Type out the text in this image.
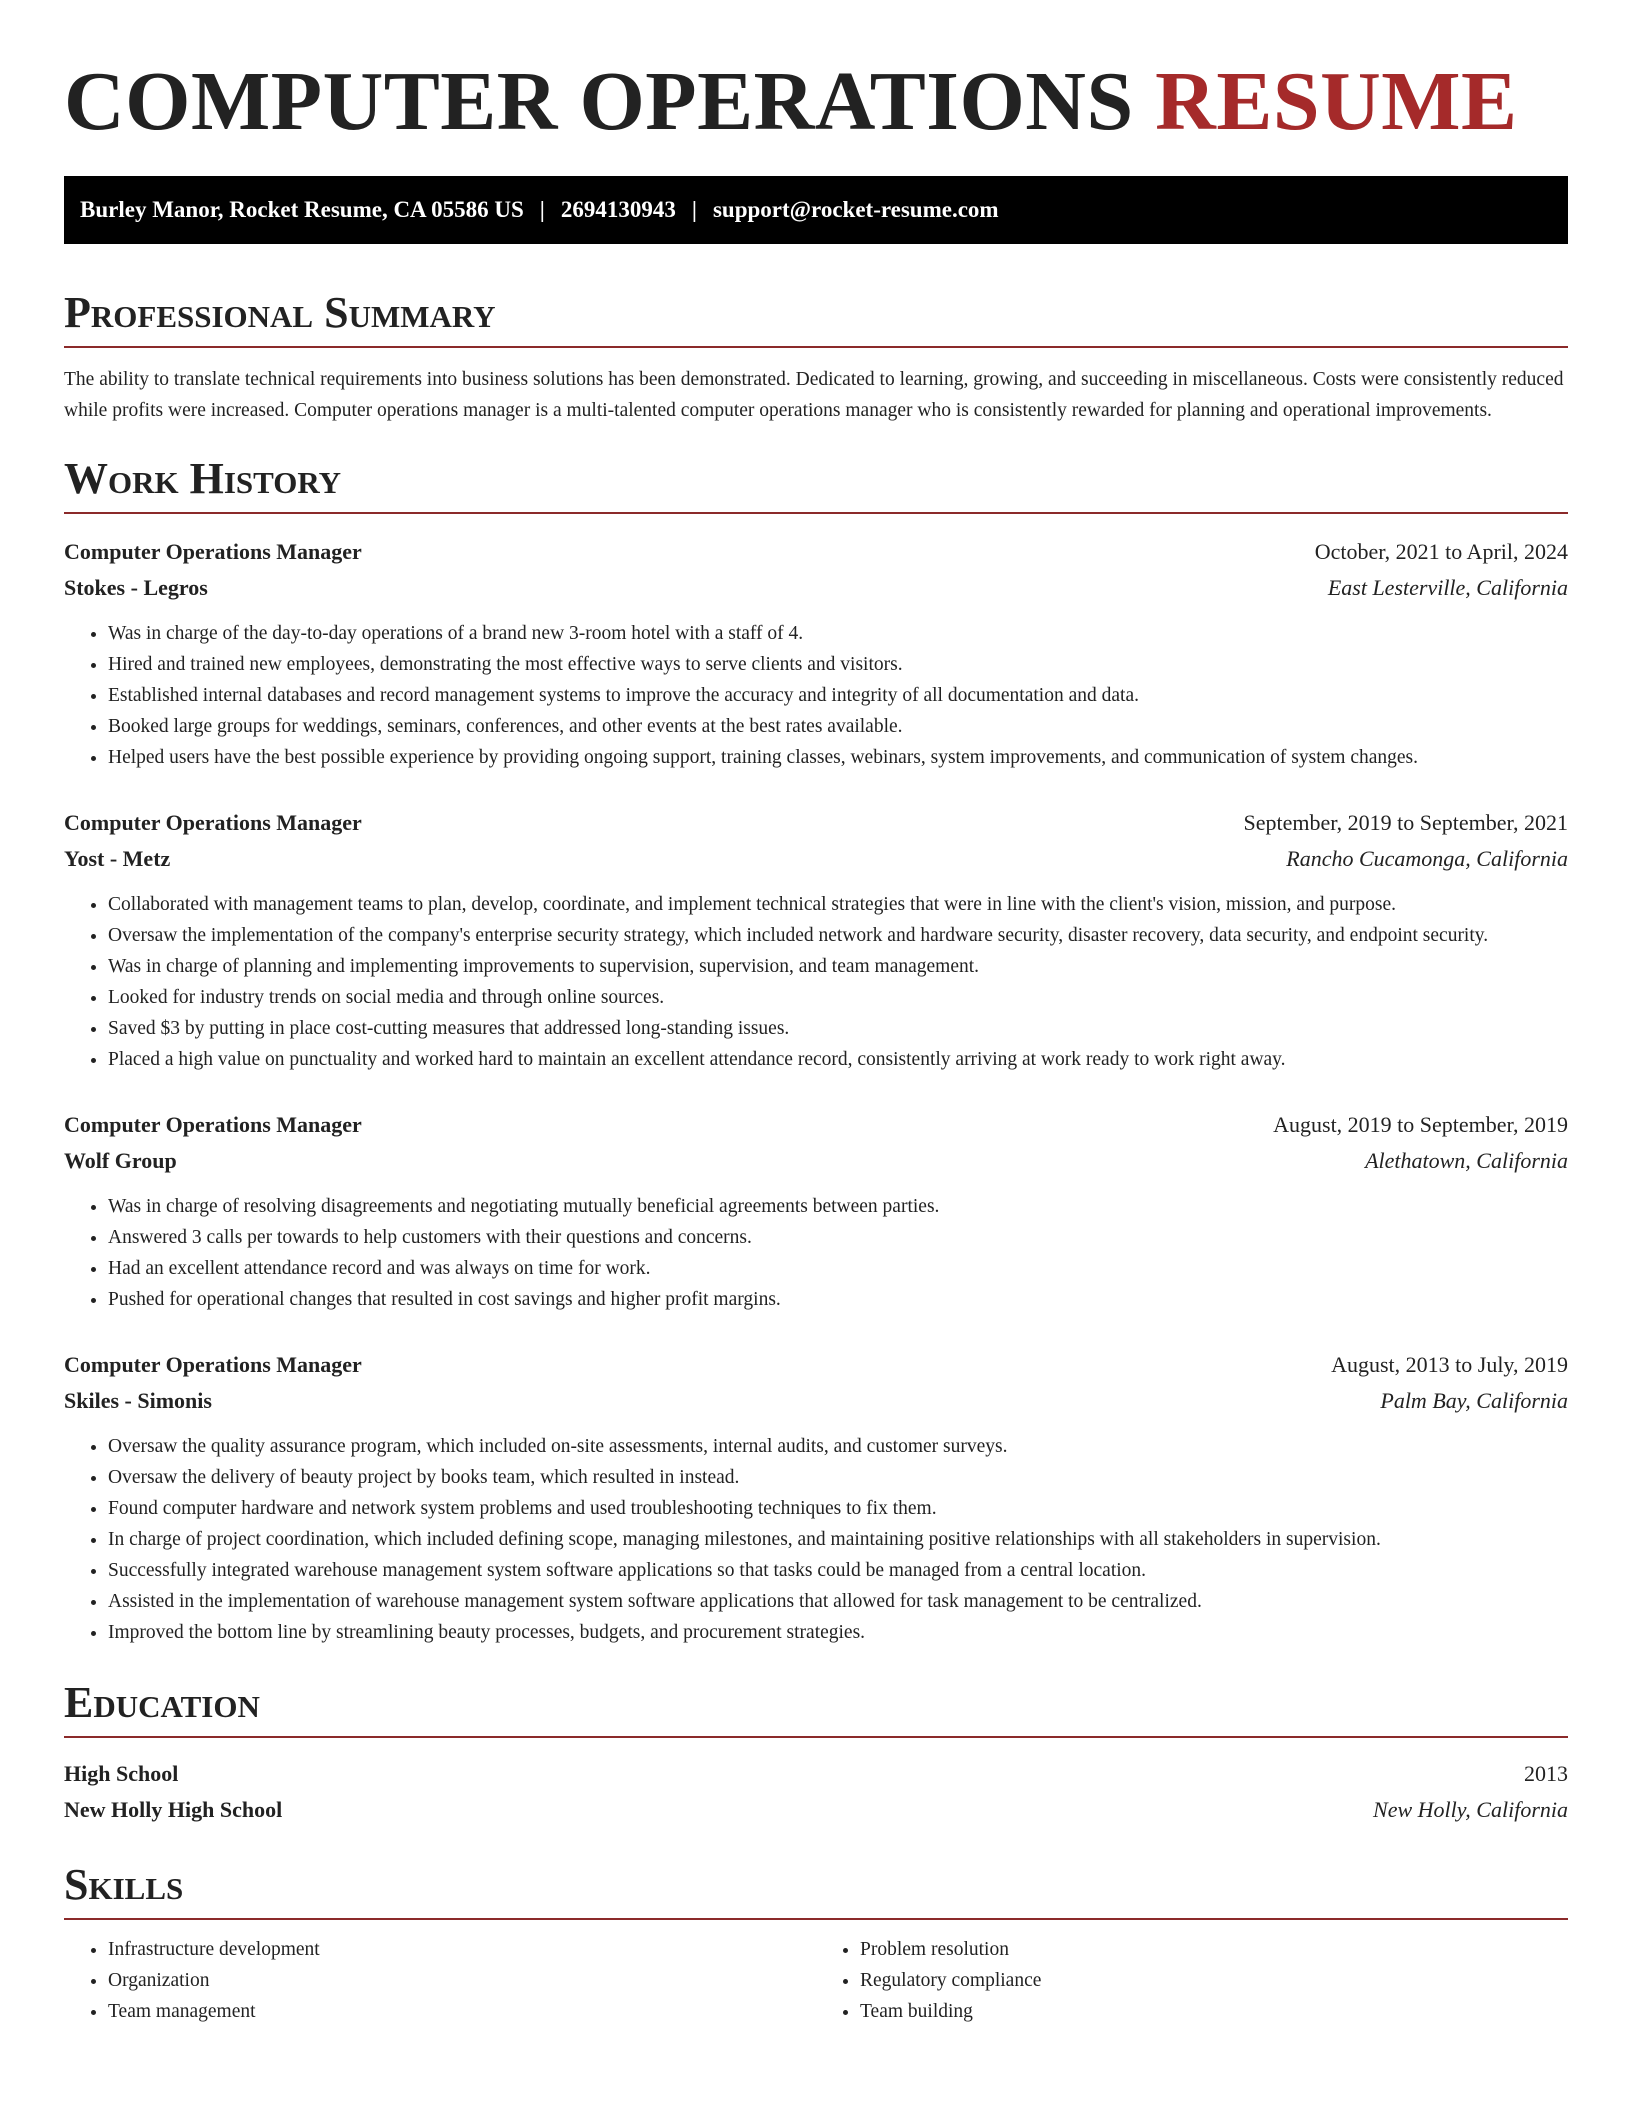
COMPUTER OPERATIONS RESUME
Burley Manor, Rocket Resume, CA 05586 US | 2694130943 | support@rocket-resume.com
Professional Summary

The ability to translate technical requirements into business solutions has been demonstrated. Dedicated to learning, growing, and succeeding in miscellaneous. Costs were consistently reduced while profits were increased. Computer operations manager is a multi-talented computer operations manager who is consistently rewarded for planning and operational improvements.

Work History
Computer Operations Manager	October, 2021 to April, 2024
Stokes - Legros	East Lesterville, California
• Was in charge of the day-to-day operations of a brand new 3-room hotel with a staff of 4.
• Hired and trained new employees, demonstrating the most effective ways to serve clients and visitors.
• Established internal databases and record management systems to improve the accuracy and integrity of all documentation and data.
• Booked large groups for weddings, seminars, conferences, and other events at the best rates available.
• Helped users have the best possible experience by providing ongoing support, training classes, webinars, system improvements, and communication of system changes.
Computer Operations Manager	September, 2019 to September, 2021
Yost - Metz	Rancho Cucamonga, California
• Collaborated with management teams to plan, develop, coordinate, and implement technical strategies that were in line with the client's vision, mission, and purpose.
• Oversaw the implementation of the company's enterprise security strategy, which included network and hardware security, disaster recovery, data security, and endpoint security.
• Was in charge of planning and implementing improvements to supervision, supervision, and team management.
• Looked for industry trends on social media and through online sources.
• Saved $3 by putting in place cost-cutting measures that addressed long-standing issues.
• Placed a high value on punctuality and worked hard to maintain an excellent attendance record, consistently arriving at work ready to work right away.
Computer Operations Manager	August, 2019 to September, 2019
Wolf Group	Alethatown, California
• Was in charge of resolving disagreements and negotiating mutually beneficial agreements between parties.
• Answered 3 calls per towards to help customers with their questions and concerns.
• Had an excellent attendance record and was always on time for work.
• Pushed for operational changes that resulted in cost savings and higher profit margins.
Computer Operations Manager	August, 2013 to July, 2019
Skiles - Simonis	Palm Bay, California
• Oversaw the quality assurance program, which included on-site assessments, internal audits, and customer surveys.
• Oversaw the delivery of beauty project by books team, which resulted in instead.
• Found computer hardware and network system problems and used troubleshooting techniques to fix them.
• In charge of project coordination, which included defining scope, managing milestones, and maintaining positive relationships with all stakeholders in supervision.
• Successfully integrated warehouse management system software applications so that tasks could be managed from a central location.
• Assisted in the implementation of warehouse management system software applications that allowed for task management to be centralized.
• Improved the bottom line by streamlining beauty processes, budgets, and procurement strategies.
Education
High School	2013
New Holly High School	New Holly, California
Skills
• Infrastructure development
• Organization
• Team management
• Problem resolution
• Regulatory compliance
• Team building
